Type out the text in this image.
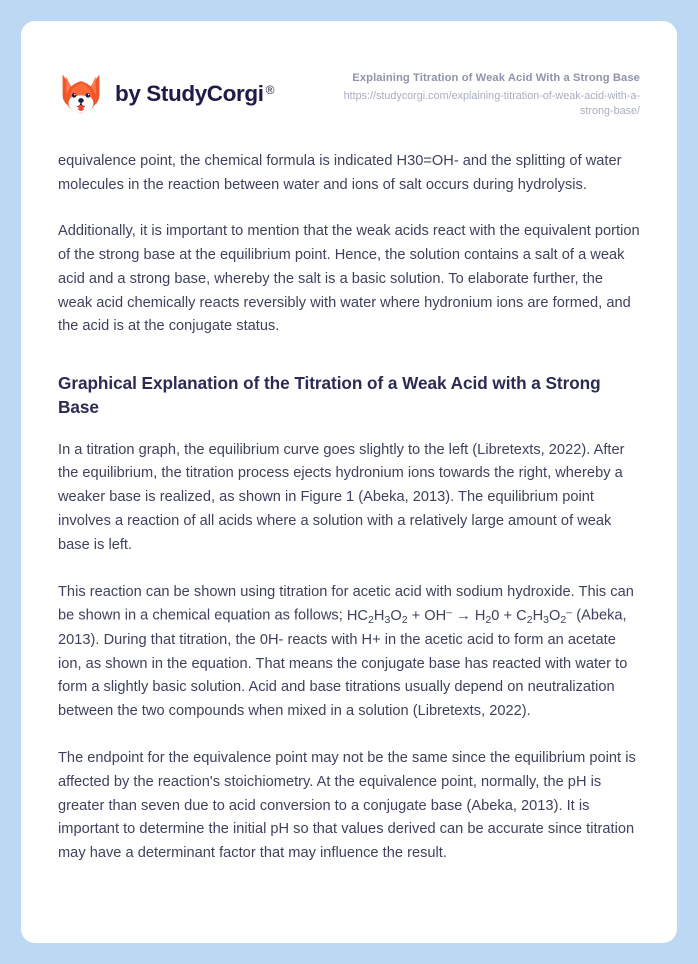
by StudyCorgi ®
Explaining Titration of Weak Acid With a Strong Base
https://studycorgi.com/explaining-titration-of-weak-acid-with-a-strong-base/

equivalence point, the chemical formula is indicated H30=OH- and the splitting of water molecules in the reaction between water and ions of salt occurs during hydrolysis.

Additionally, it is important to mention that the weak acids react with the equivalent portion of the strong base at the equilibrium point. Hence, the solution contains a salt of a weak acid and a strong base, whereby the salt is a basic solution. To elaborate further, the weak acid chemically reacts reversibly with water where hydronium ions are formed, and the acid is at the conjugate status.

Graphical Explanation of the Titration of a Weak Acid with a Strong Base

In a titration graph, the equilibrium curve goes slightly to the left (Libretexts, 2022). After the equilibrium, the titration process ejects hydronium ions towards the right, whereby a weaker base is realized, as shown in Figure 1 (Abeka, 2013). The equilibrium point involves a reaction of all acids where a solution with a relatively large amount of weak base is left.

This reaction can be shown using titration for acetic acid with sodium hydroxide. This can be shown in a chemical equation as follows; $HC_2H_3O_2 + OH^- \to H_20 + C_2H_3O_2^-$ (Abeka, 2013). During that titration, the 0H- reacts with H+ in the acetic acid to form an acetate ion, as shown in the equation. That means the conjugate base has reacted with water to form a slightly basic solution. Acid and base titrations usually depend on neutralization between the two compounds when mixed in a solution (Libretexts, 2022).

The endpoint for the equivalence point may not be the same since the equilibrium point is affected by the reaction's stoichiometry. At the equivalence point, normally, the pH is greater than seven due to acid conversion to a conjugate base (Abeka, 2013). It is important to determine the initial pH so that values derived can be accurate since titration may have a determinant factor that may influence the result.
